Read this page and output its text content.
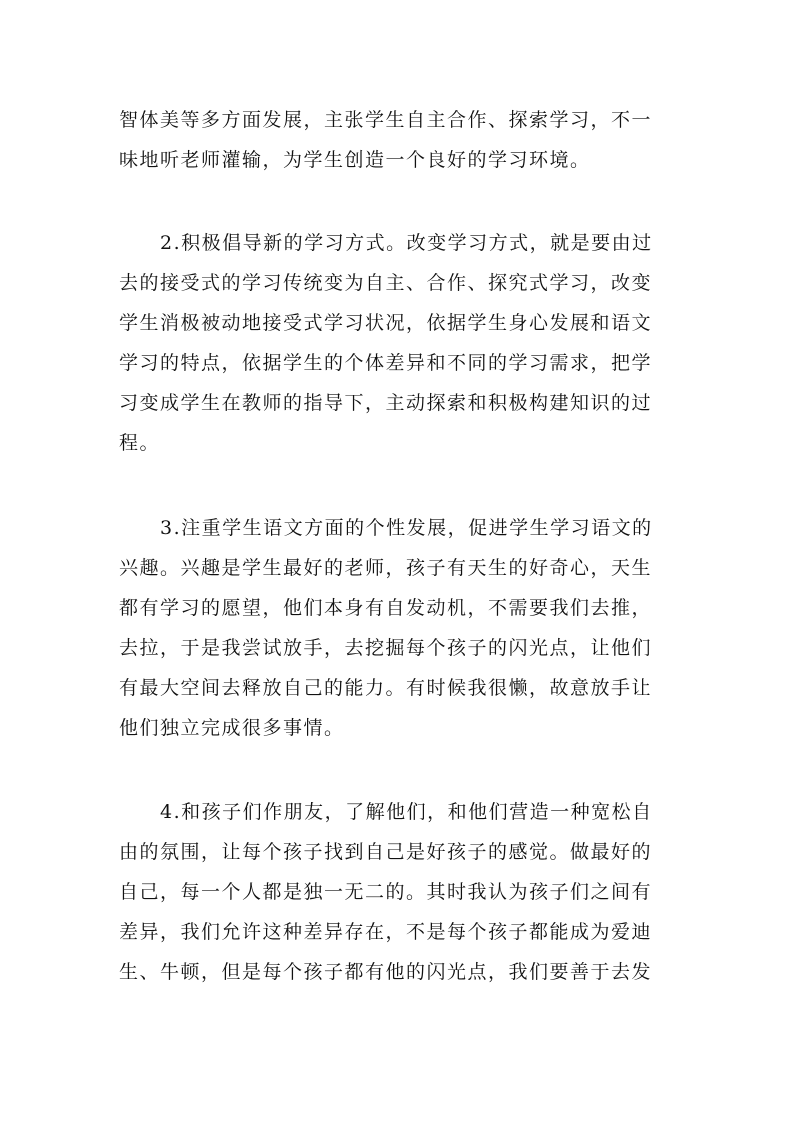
智体美等多方面发展，主张学生自主合作、探索学习，不一

味地听老师灌输，为学生创造一个良好的学习环境。

2.积极倡导新的学习方式。改变学习方式，就是要由过

去的接受式的学习传统变为自主、合作、探究式学习，改变

学生消极被动地接受式学习状况，依据学生身心发展和语文

学习的特点，依据学生的个体差异和不同的学习需求，把学

习变成学生在教师的指导下，主动探索和积极构建知识的过

程。

3.注重学生语文方面的个性发展，促进学生学习语文的

兴趣。兴趣是学生最好的老师，孩子有天生的好奇心，天生

都有学习的愿望，他们本身有自发动机，不需要我们去推，

去拉，于是我尝试放手，去挖掘每个孩子的闪光点，让他们

有最大空间去释放自己的能力。有时候我很懒，故意放手让

他们独立完成很多事情。

4.和孩子们作朋友，了解他们，和他们营造一种宽松自

由的氛围，让每个孩子找到自己是好孩子的感觉。做最好的

自己，每一个人都是独一无二的。其时我认为孩子们之间有

差异，我们允许这种差异存在，不是每个孩子都能成为爱迪

生、牛顿，但是每个孩子都有他的闪光点，我们要善于去发
